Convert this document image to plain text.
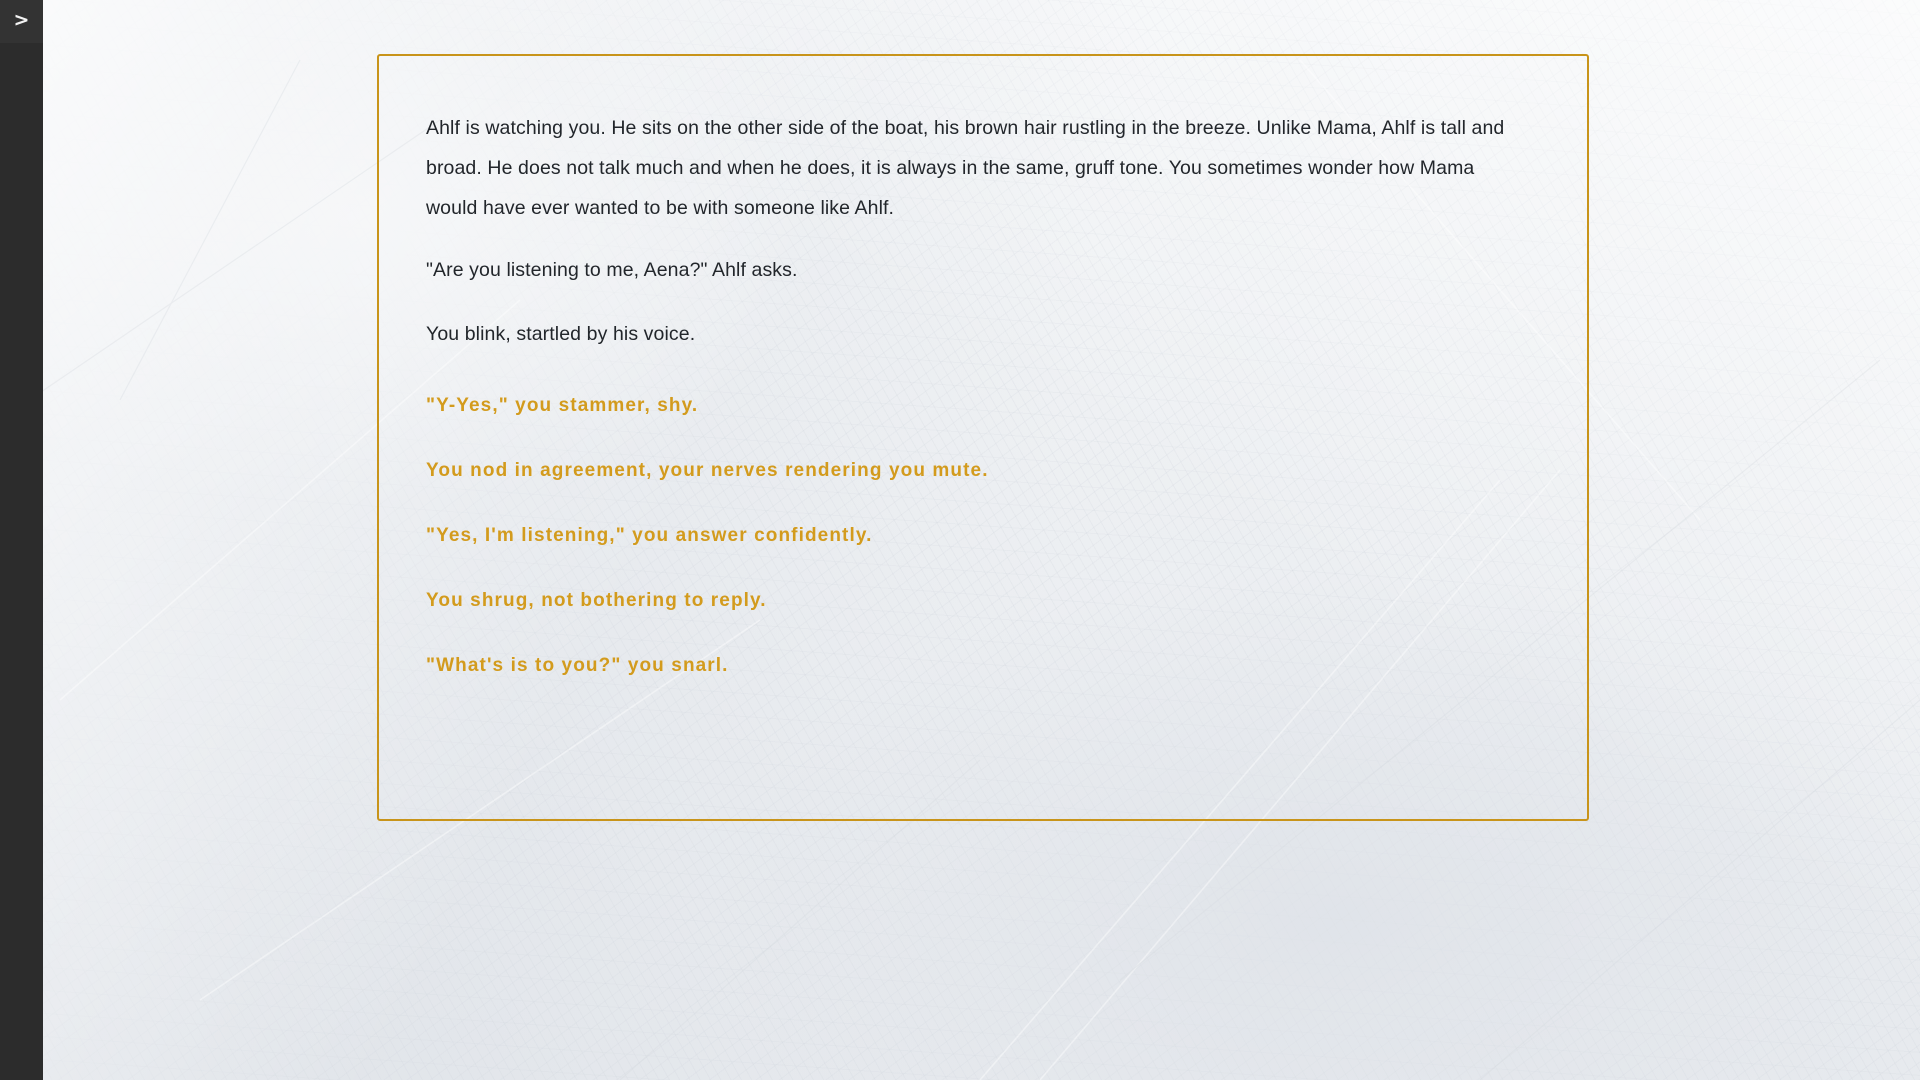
>

Ahlf is watching you. He sits on the other side of the boat, his brown hair rustling in the breeze. Unlike Mama, Ahlf is tall and broad. He does not talk much and when he does, it is always in the same, gruff tone. You sometimes wonder how Mama would have ever wanted to be with someone like Ahlf.

"Are you listening to me, Aena?" Ahlf asks.

You blink, startled by his voice.

"Y-Yes," you stammer, shy.
You nod in agreement, your nerves rendering you mute.
"Yes, I'm listening," you answer confidently.
You shrug, not bothering to reply.
"What's is to you?" you snarl.
